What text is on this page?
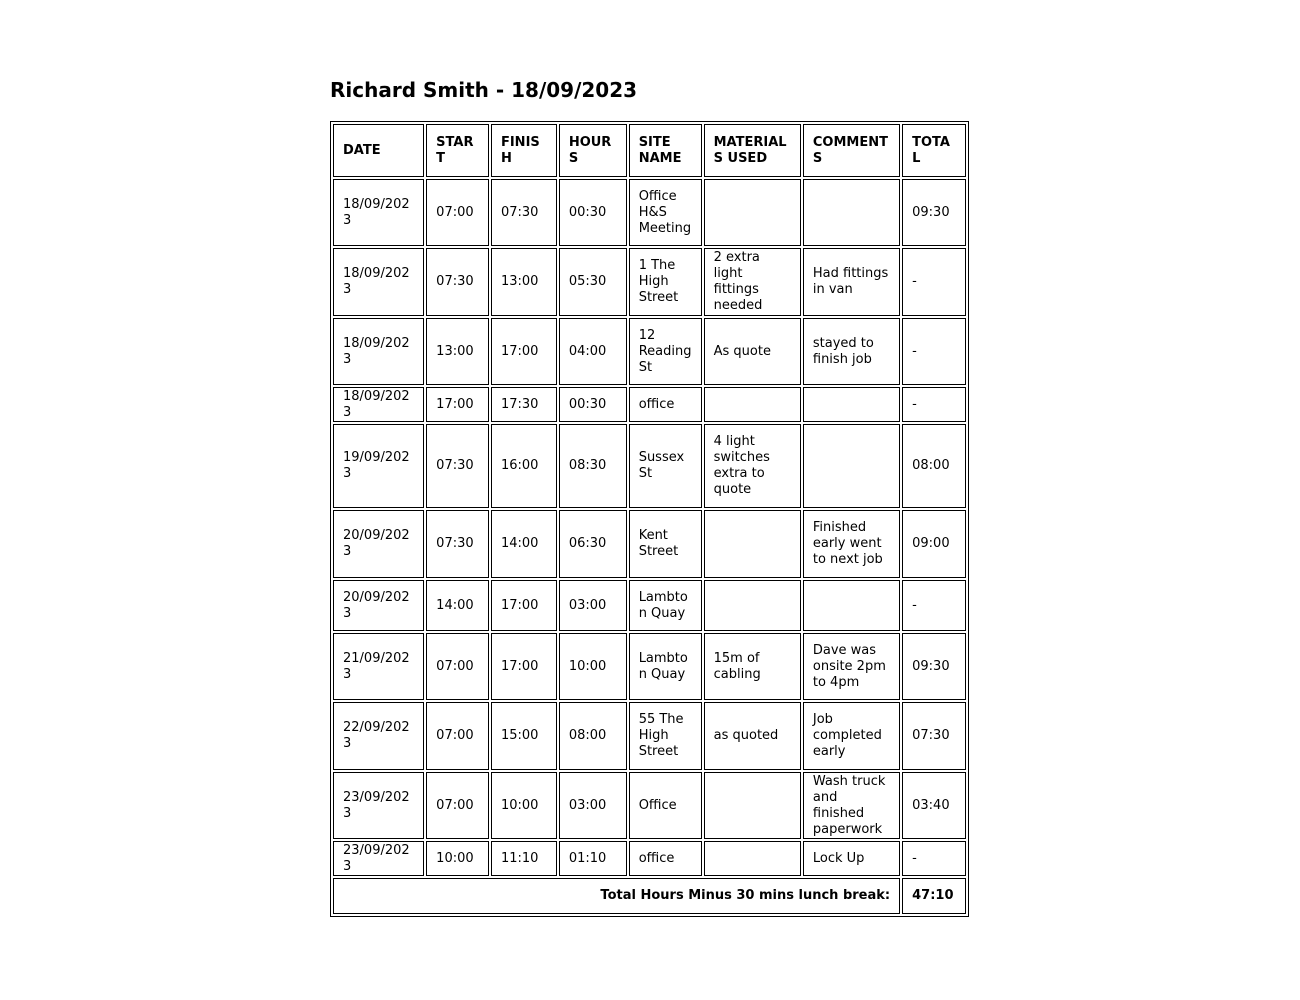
Richard Smith - 18/09/2023
DATE	START	FINISH	HOURS	SITE NAME	MATERIALS USED	COMMENTS	TOTAL
18/09/2023	07:00	07:30	00:30	Office H&S Meeting			09:30
18/09/2023	07:30	13:00	05:30	1 The High Street	2 extra light fittings needed	Had fittings in van	-
18/09/2023	13:00	17:00	04:00	12 Reading St	As quote	stayed to finish job	-
18/09/2023	17:00	17:30	00:30	office			-
19/09/2023	07:30	16:00	08:30	Sussex St	4 light switches extra to quote		08:00
20/09/2023	07:30	14:00	06:30	Kent Street		Finished early went to next job	09:00
20/09/2023	14:00	17:00	03:00	Lambton Quay			-
21/09/2023	07:00	17:00	10:00	Lambton Quay	15m of cabling	Dave was onsite 2pm to 4pm	09:30
22/09/2023	07:00	15:00	08:00	55 The High Street	as quoted	Job completed early	07:30
23/09/2023	07:00	10:00	03:00	Office		Wash truck and finished paperwork	03:40
23/09/2023	10:00	11:10	01:10	office		Lock Up	-
Total Hours Minus 30 mins lunch break:							47:10
